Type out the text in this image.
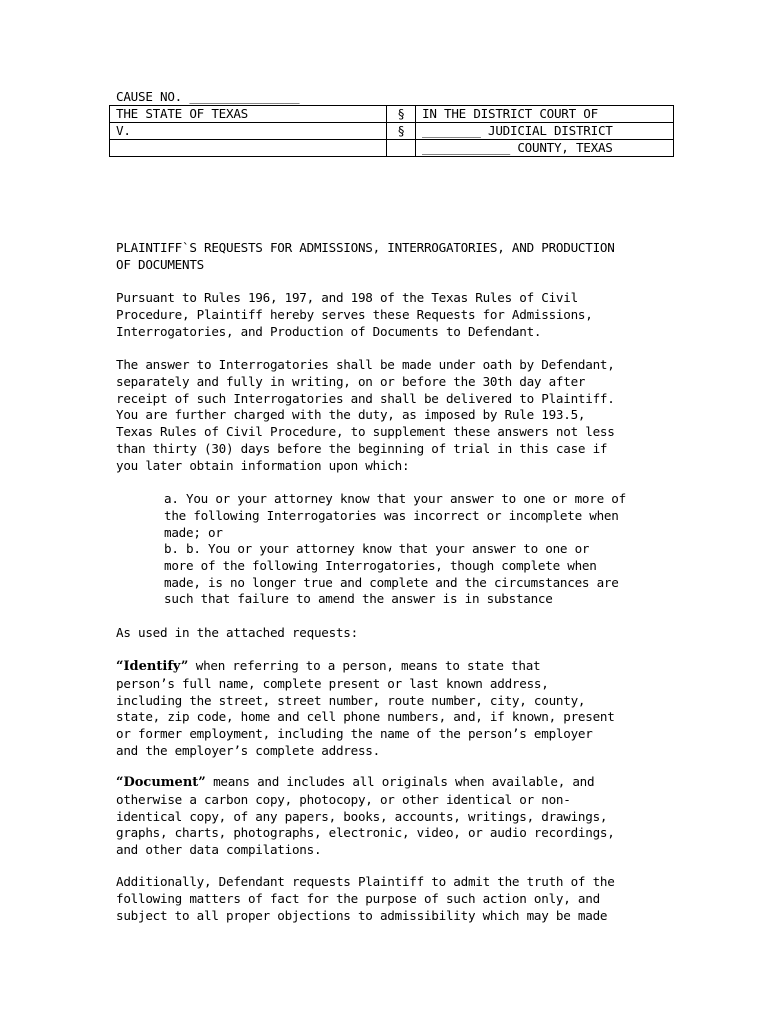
CAUSE NO. _______________
THE STATE OF TEXAS	§	IN THE DISTRICT COURT OF
V.	§	________ JUDICIAL DISTRICT
		____________ COUNTY, TEXAS

PLAINTIFF`S REQUESTS FOR ADMISSIONS, INTERROGATORIES, AND PRODUCTION
OF DOCUMENTS

Pursuant to Rules 196, 197, and 198 of the Texas Rules of Civil
Procedure, Plaintiff hereby serves these Requests for Admissions,
Interrogatories, and Production of Documents to Defendant.

The answer to Interrogatories shall be made under oath by Defendant,
separately and fully in writing, on or before the 30th day after
receipt of such Interrogatories and shall be delivered to Plaintiff.
You are further charged with the duty, as imposed by Rule 193.5,
Texas Rules of Civil Procedure, to supplement these answers not less
than thirty (30) days before the beginning of trial in this case if
you later obtain information upon which:

a. You or your attorney know that your answer to one or more of
the following Interrogatories was incorrect or incomplete when
made; or
b. b. You or your attorney know that your answer to one or
more of the following Interrogatories, though complete when
made, is no longer true and complete and the circumstances are
such that failure to amend the answer is in substance

As used in the attached requests:

“Identify” when referring to a person, means to state that
person’s full name, complete present or last known address,
including the street, street number, route number, city, county,
state, zip code, home and cell phone numbers, and, if known, present
or former employment, including the name of the person’s employer
and the employer’s complete address.

“Document” means and includes all originals when available, and
otherwise a carbon copy, photocopy, or other identical or non-
identical copy, of any papers, books, accounts, writings, drawings,
graphs, charts, photographs, electronic, video, or audio recordings,
and other data compilations.

Additionally, Defendant requests Plaintiff to admit the truth of the
following matters of fact for the purpose of such action only, and
subject to all proper objections to admissibility which may be made
